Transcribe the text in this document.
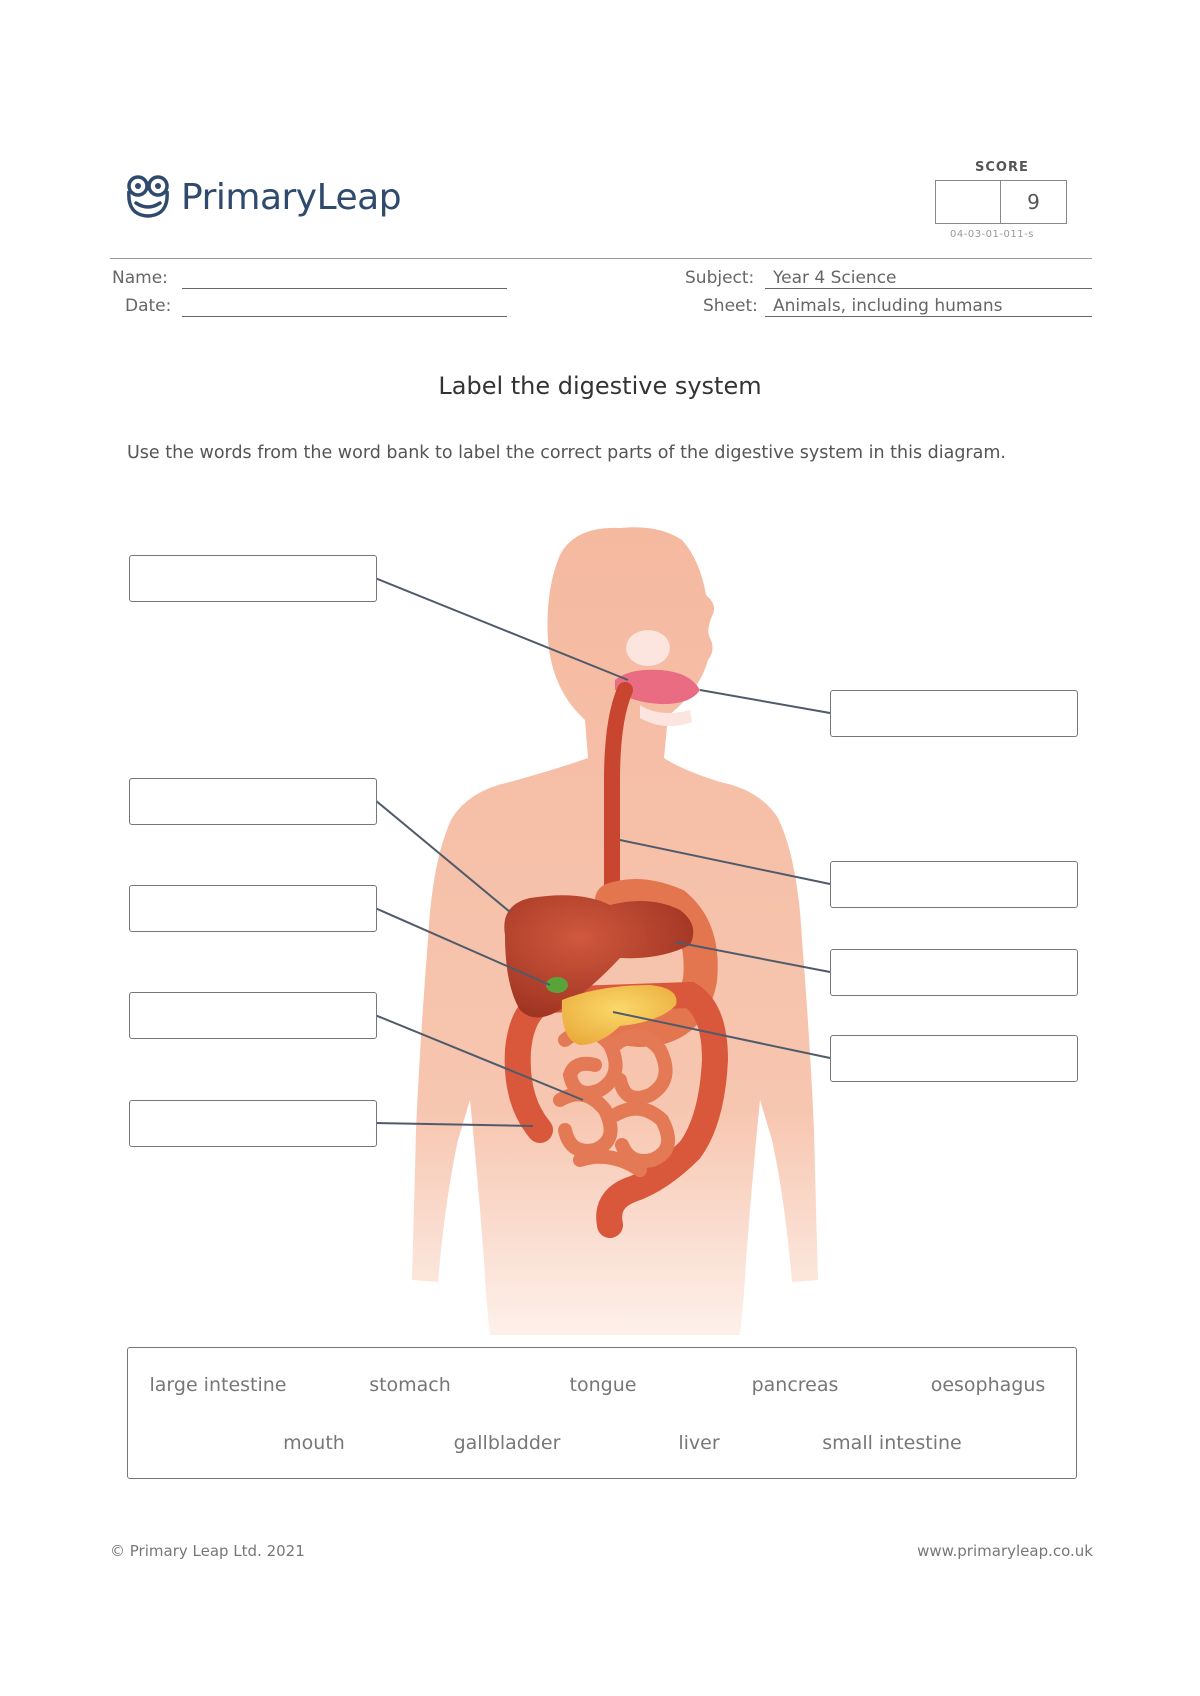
PrimaryLeap
SCORE
9
04-03-01-011-s
Name:
Date:
Subject:	Year 4 Science
Sheet: Animals, including humans
Label the digestive system
Use the words from the word bank to label the correct parts of the digestive system in this diagram.
large intestine	stomach	tongue	pancreas	oesophagus
mouth	gallbladder	liver	small intestine
© Primary Leap Ltd. 2021	www.primaryleap.co.uk
